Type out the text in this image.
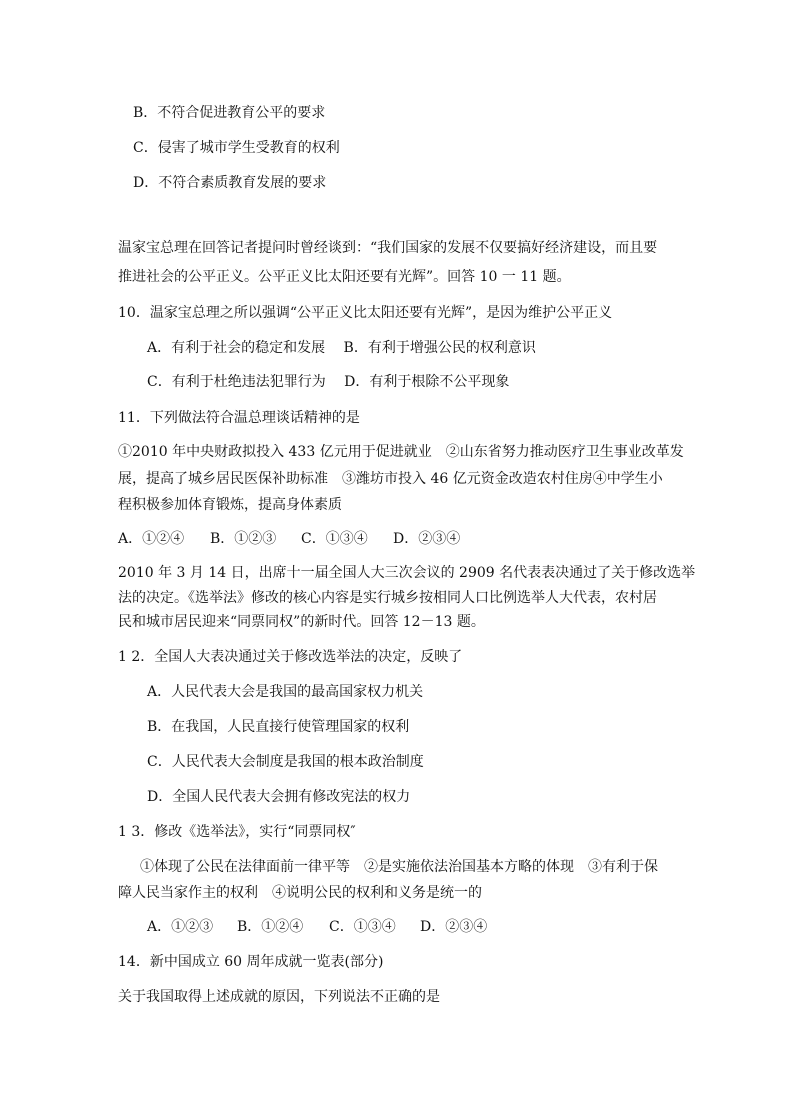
B．不符合促进教育公平的要求
C．侵害了城市学生受教育的权利
D．不符合素质教育发展的要求
温家宝总理在回答记者提问时曾经谈到：“我们国家的发展不仅要搞好经济建设，而且要
推进社会的公平正义。公平正义比太阳还要有光辉”。回答 10 一 11 题。
10．温家宝总理之所以强调“公平正义比太阳还要有光辉”，是因为维护公平正义
A．有利于社会的稳定和发展　 B．有利于增强公民的权利意识
C．有利于杜绝违法犯罪行为　 D．有利于根除不公平现象
11．下列做法符合温总理谈话精神的是
①2010 年中央财政拟投入 433 亿元用于促进就业　②山东省努力推动医疗卫生事业改革发
展，提高了城乡居民医保补助标准　③潍坊市投入 46 亿元资金改造农村住房④中学生小
程积极参加体育锻炼，提高身体素质
A．①②④ B．①②③ C．①③④ D．②③④
2010 年 3 月 14 日，出席十一届全国人大三次会议的 2909 名代表表决通过了关于修改选举
法的决定。《选举法》修改的核心内容是实行城乡按相同人口比例选举人大代表，农村居
民和城市居民迎来“同票同权”的新时代。回答 12－13 题。
1 2．全国人大表决通过关于修改选举法的决定，反映了
A．人民代表大会是我国的最高国家权力机关
B．在我国，人民直接行使管理国家的权利
C．人民代表大会制度是我国的根本政治制度
D．全国人民代表大会拥有修改宪法的权力
1 3．修改《选举法》，实行“同票同权″
①体现了公民在法律面前一律平等　②是实施依法治国基本方略的体现　③有利于保
障人民当家作主的权利　④说明公民的权利和义务是统一的
A．①②③ B．①②④ C．①③④ D．②③④
14．新中国成立 60 周年成就一览表(部分)
关于我国取得上述成就的原因，下列说法不正确的是
